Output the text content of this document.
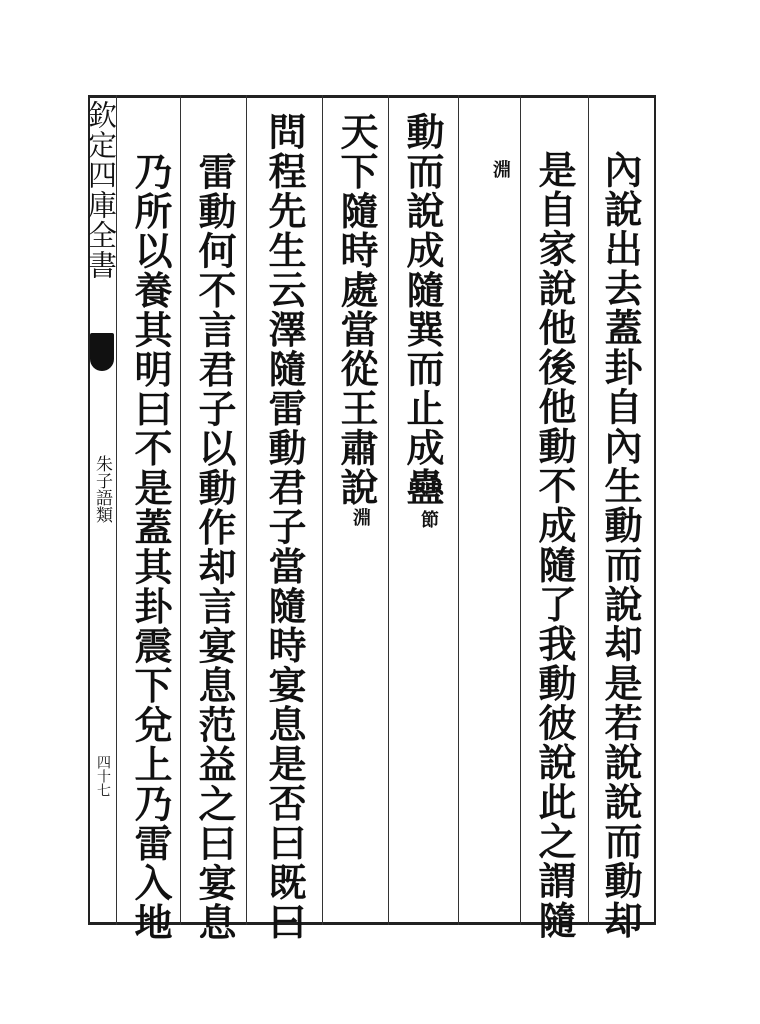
欽定四庫全書
朱子語類
四十七	內說出去蓋卦自內生動而說却是若說說而動却
是自家說他後他動不成隨了我動彼說此之謂隨
淵
動而說成隨巽而止成蠱
節
天下隨時處當從王肅說
淵
問程先生云澤隨雷動君子當隨時宴息是否曰既曰
雷動何不言君子以動作却言宴息范益之曰宴息
乃所以養其明曰不是蓋其卦震下兌上乃雷入地
